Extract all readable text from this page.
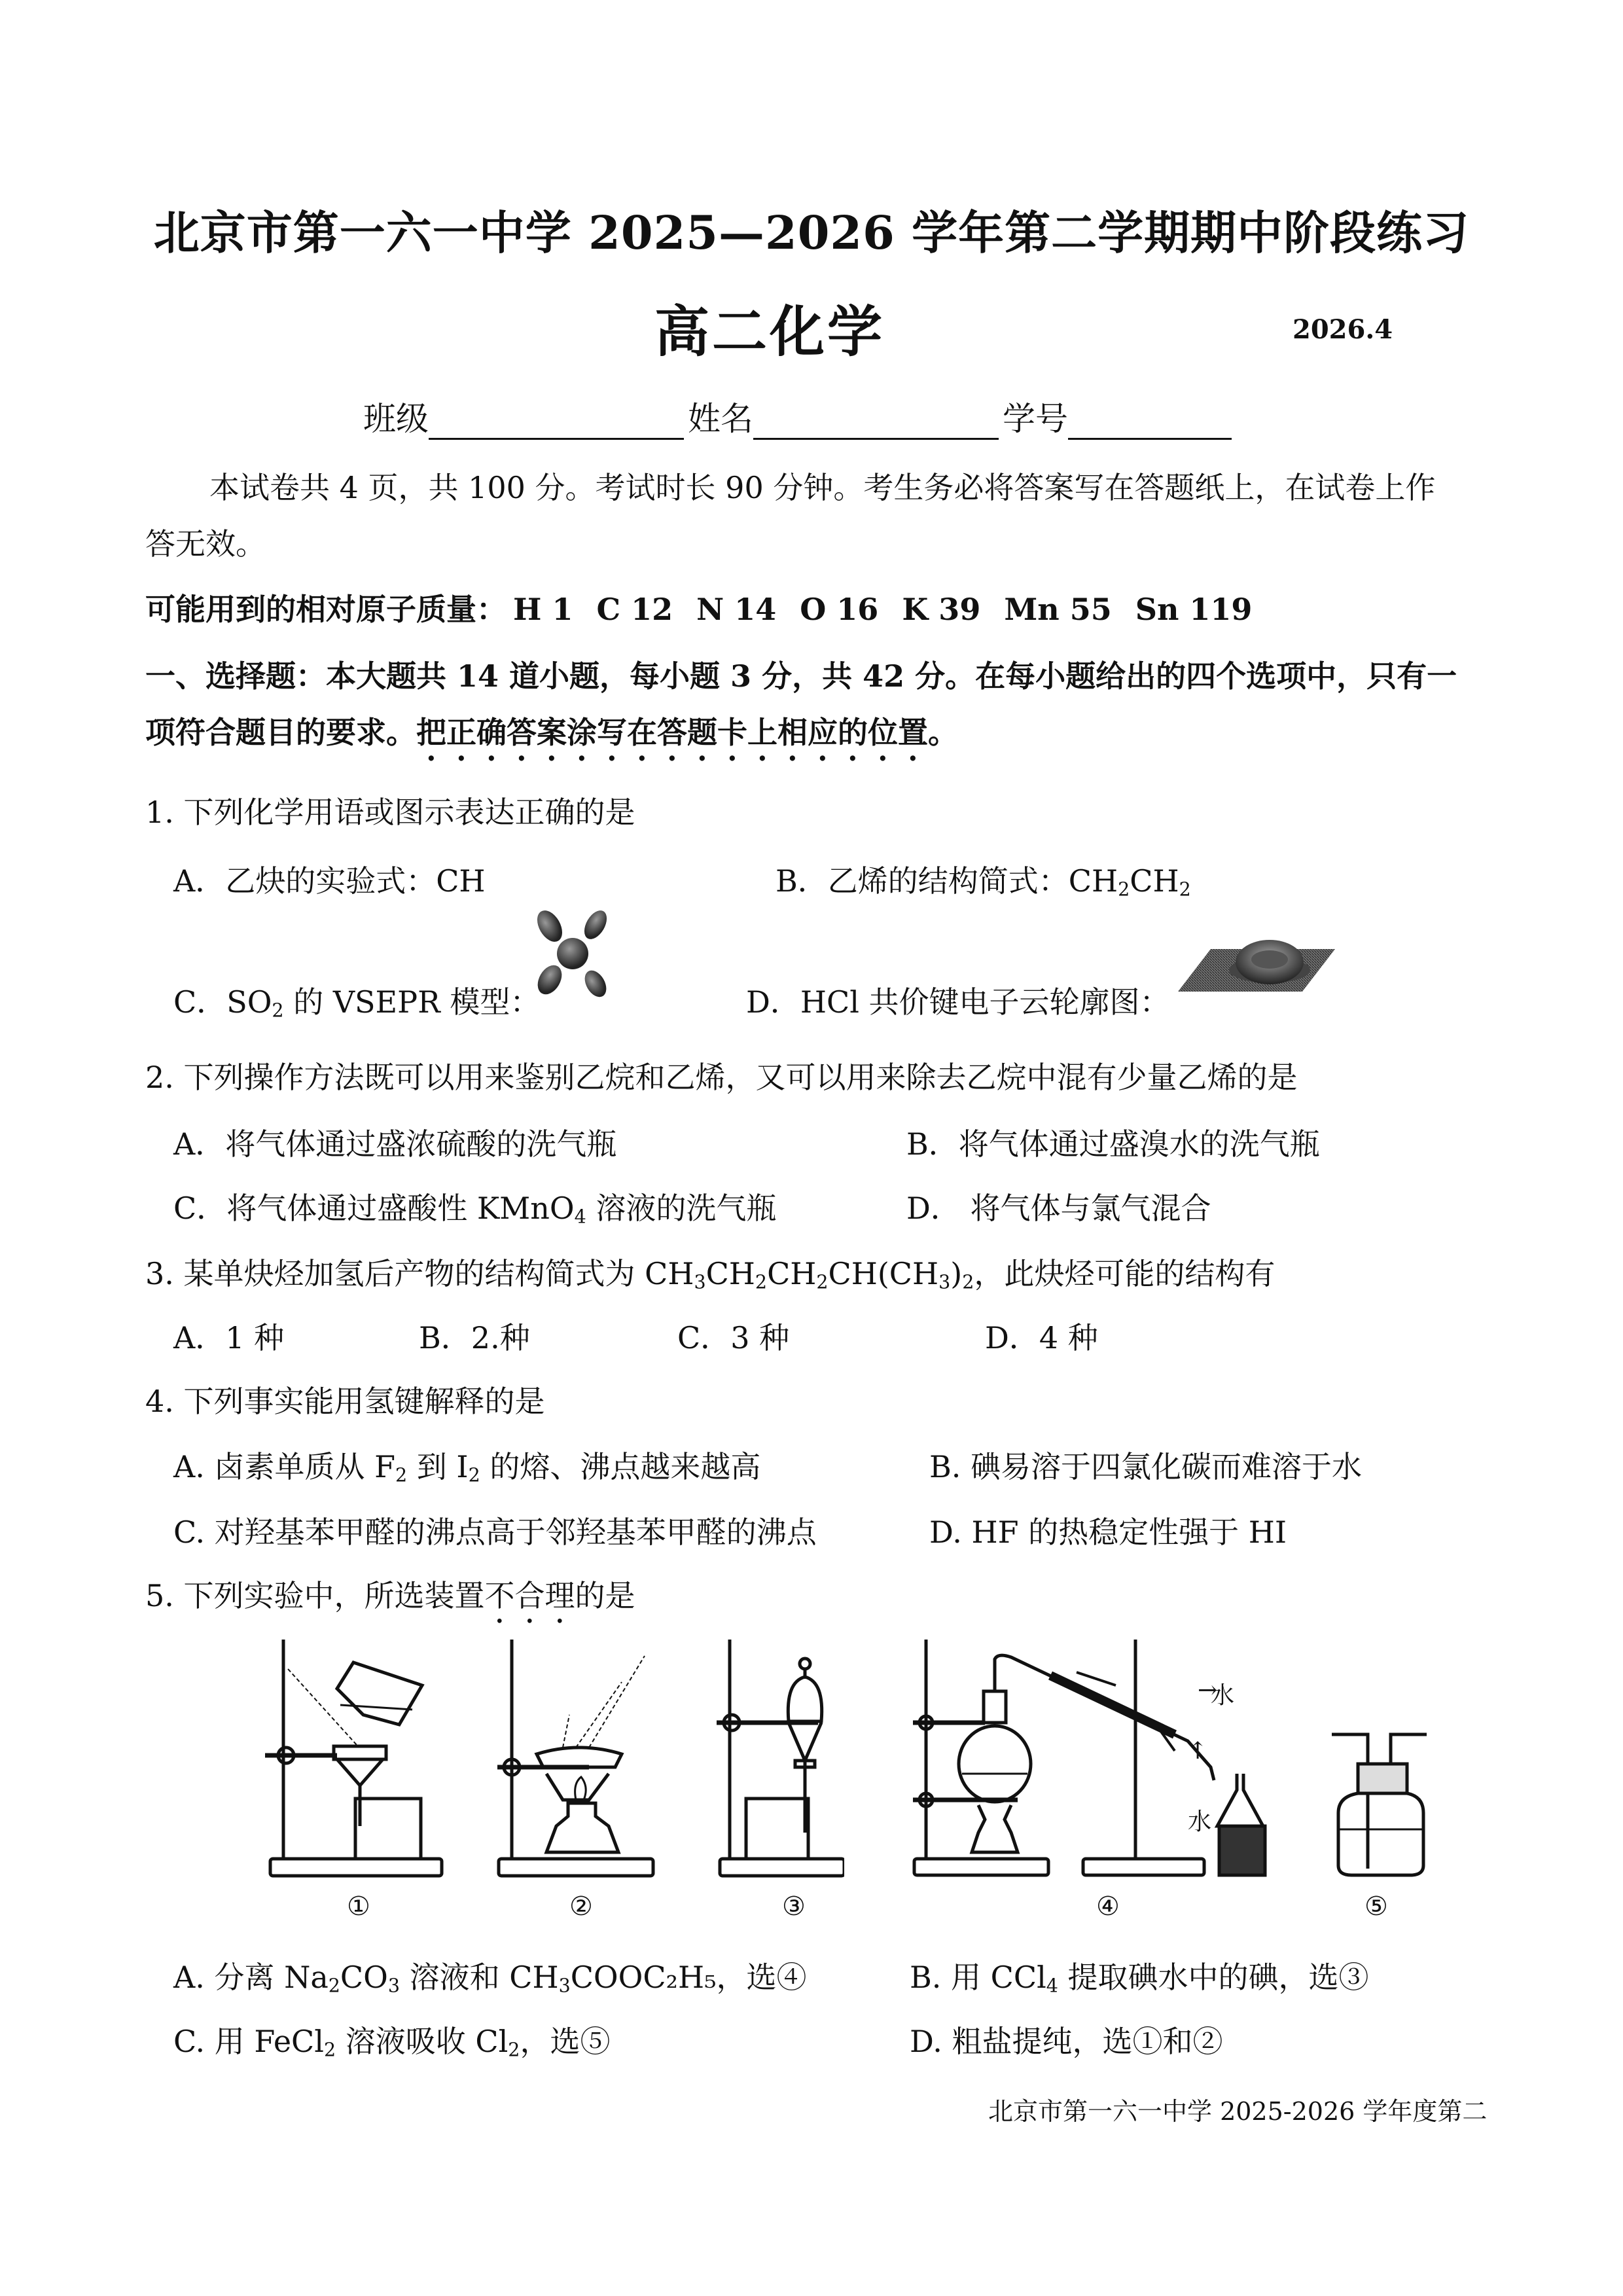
北京市第一六一中学 2025—2026 学年第二学期期中阶段练习
高二化学	2026.4
班级	姓名	学号
本试卷共 4 页，共 100 分。考试时长 90 分钟。考生务必将答案写在答题纸上，在试卷上作
答无效。
可能用到的相对原子质量： H 1 C 12 N 14 O 16 K 39 Mn 55 Sn 119
一、选择题：本大题共 14 道小题，每小题 3 分，共 42 分。在每小题给出的四个选项中，只有一
项符合题目的要求。把正确答案涂写在答题卡上相应的位置。
1. 下列化学用语或图示表达正确的是
A．乙炔的实验式：CH	B．乙烯的结构简式：$CH_2CH_2$
C．$SO_2$ 的 VSEPR 模型：	D．HCl 共价键电子云轮廓图：
2. 下列操作方法既可以用来鉴别乙烷和乙烯，又可以用来除去乙烷中混有少量乙烯的是
A．将气体通过盛浓硫酸的洗气瓶	B．将气体通过盛溴水的洗气瓶
C．将气体通过盛酸性 KMnO$_4$ 溶液的洗气瓶	D． 将气体与氯气混合
3. 某单炔烃加氢后产物的结构简式为 $CH_3CH_2CH_2CH(CH_3)_2$，此炔烃可能的结构有
A．1 种	B．2.种	C．3 种	D．4 种
4. 下列事实能用氢键解释的是
A. 卤素单质从 $F_2$ 到 $I_2$ 的熔、沸点越来越高	B. 碘易溶于四氯化碳而难溶于水
C. 对羟基苯甲醛的沸点高于邻羟基苯甲醛的沸点	D. HF 的热稳定性强于 HI
5. 下列实验中，所选装置不合理的是
①	②	③
水
→
↑
水
④	⑤
A. 分离 $Na_2CO_3$ 溶液和 $CH_3COOC_2H_5$，选④	B. 用 CCl$_4$ 提取碘水中的碘，选③
C. 用 FeCl$_2$ 溶液吸收 $Cl_2$，选⑤	D. 粗盐提纯，选①和②
北京市第一六一中学 2025-2026 学年度第二
